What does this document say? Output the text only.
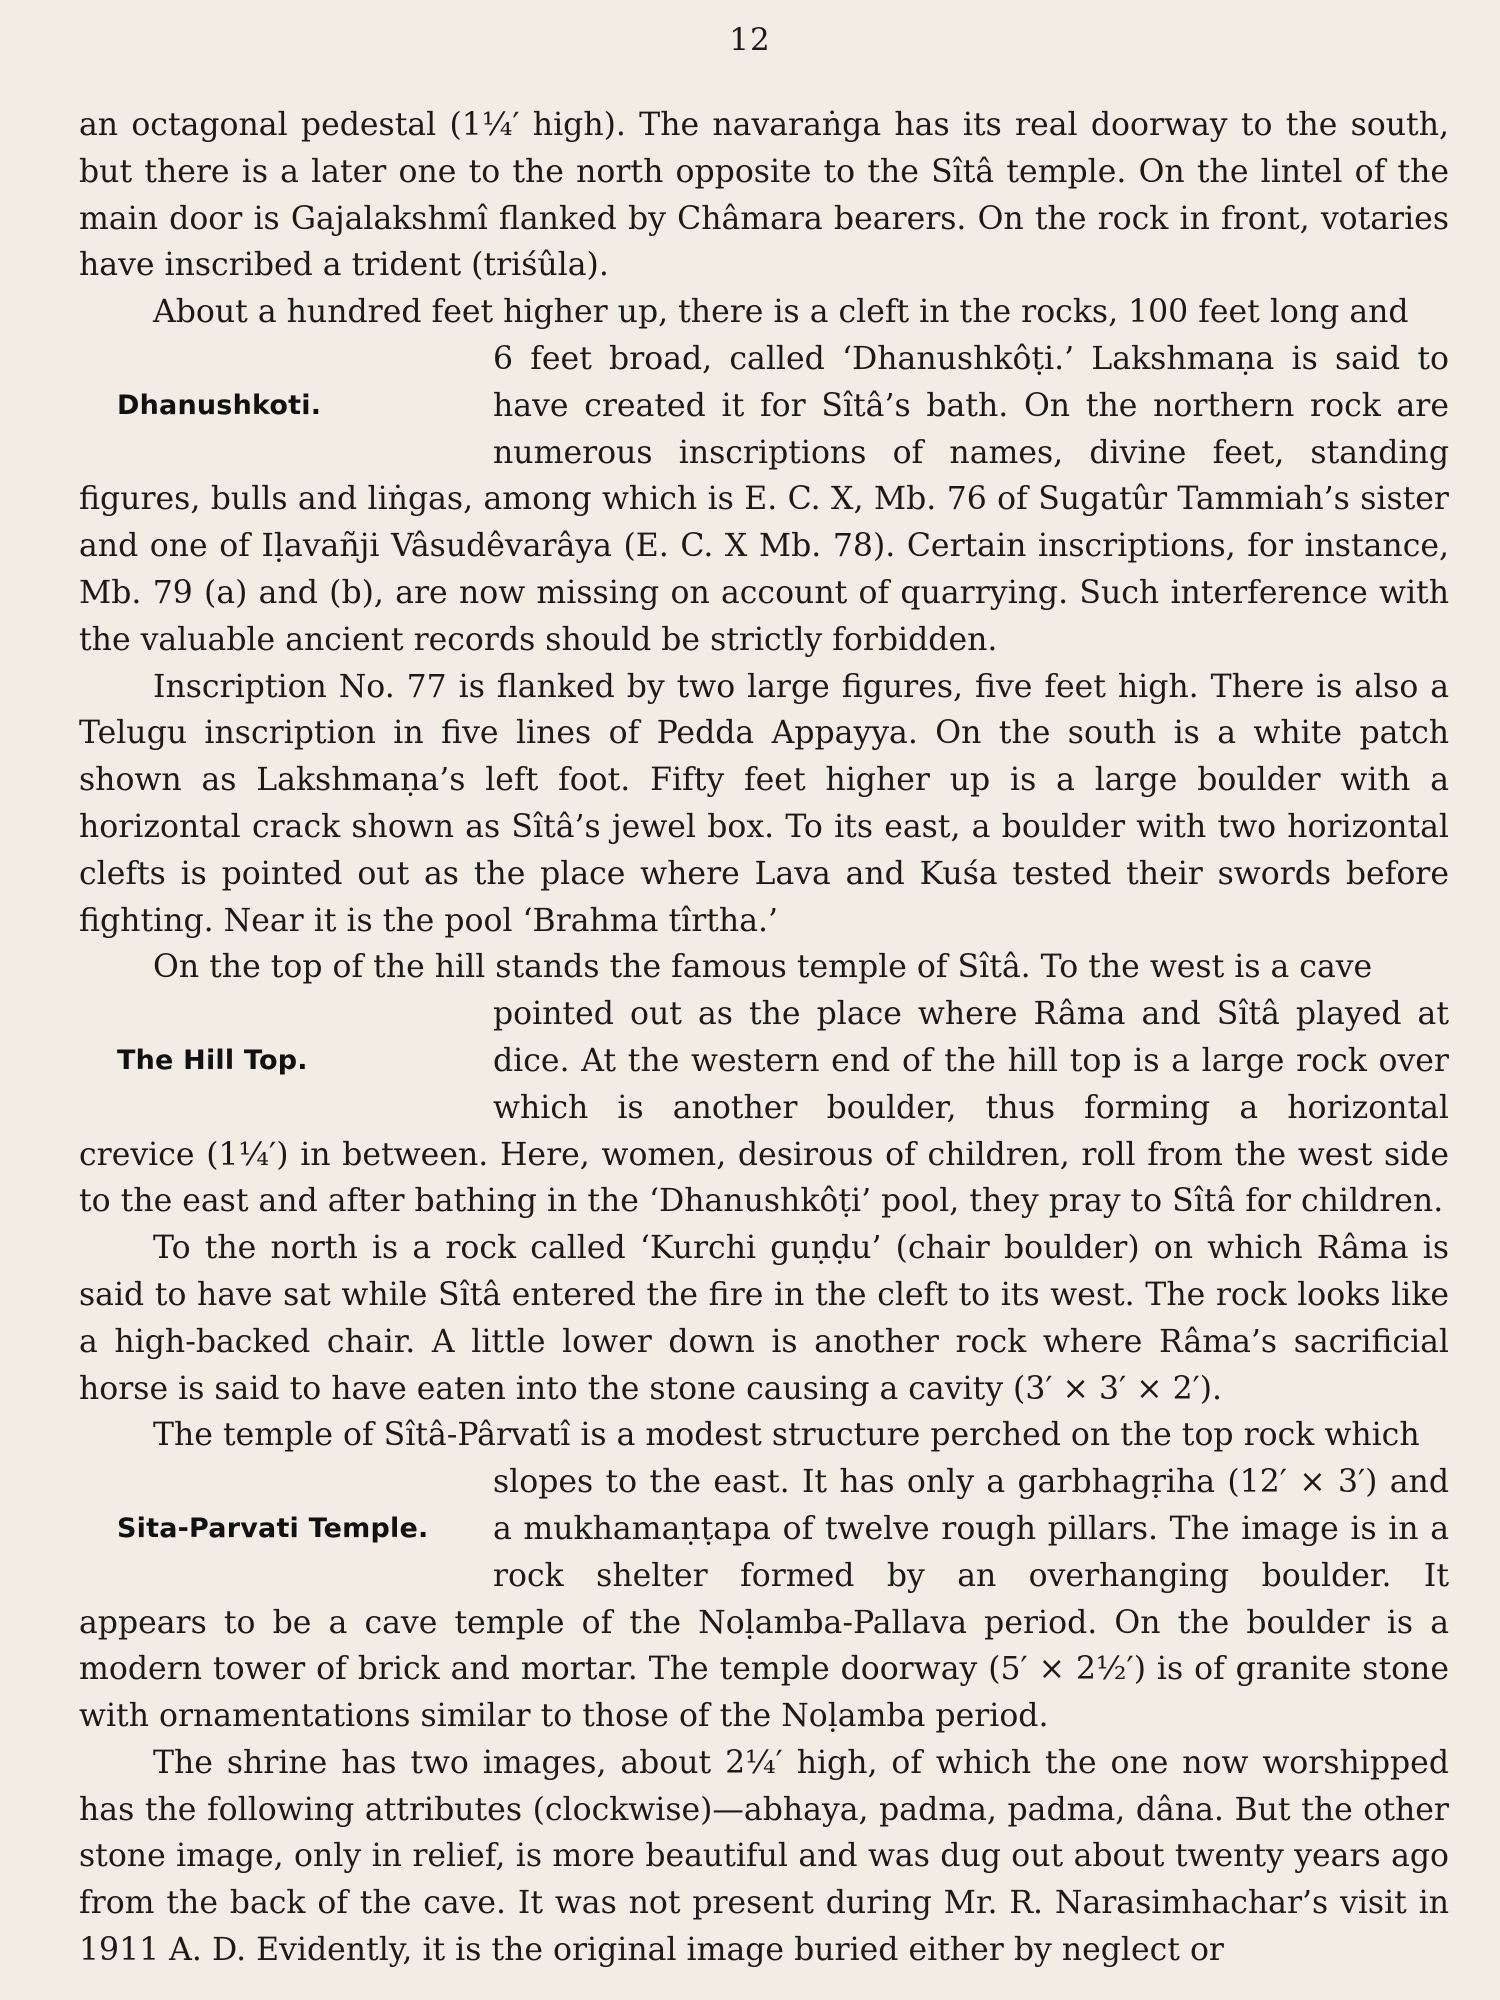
12

an octagonal pedestal (1¼′ high). The navaraṅga has its real doorway to the south, but there is a later one to the north opposite to the Sîtâ temple. On the lintel of the main door is Gajalakshmî flanked by Châmara bearers. On the rock in front, votaries have inscribed a trident (triśûla).

About a hundred feet higher up, there is a cleft in the rocks, 100 feet long and

Dhanushkoti.

6 feet broad, called ‘Dhanushkôṭi.’ Lakshmaṇa is said to have created it for Sîtâ’s bath. On the northern rock are numerous inscriptions of names, divine feet, standing

figures, bulls and liṅgas, among which is E. C. X, Mb. 76 of Sugatûr Tammiah’s sister and one of Iḷavañji Vâsudêvarâya (E. C. X Mb. 78). Certain inscriptions, for instance, Mb. 79 (a) and (b), are now missing on account of quarrying. Such interference with the valuable ancient records should be strictly forbidden.

Inscription No. 77 is flanked by two large figures, five feet high. There is also a Telugu inscription in five lines of Pedda Appayya. On the south is a white patch shown as Lakshmaṇa’s left foot. Fifty feet higher up is a large boulder with a horizontal crack shown as Sîtâ’s jewel box. To its east, a boulder with two horizontal clefts is pointed out as the place where Lava and Kuśa tested their swords before fighting. Near it is the pool ‘Brahma tîrtha.’

On the top of the hill stands the famous temple of Sîtâ. To the west is a cave

The Hill Top.

pointed out as the place where Râma and Sîtâ played at dice. At the western end of the hill top is a large rock over which is another boulder, thus forming a horizontal

crevice (1¼′) in between. Here, women, desirous of children, roll from the west side to the east and after bathing in the ‘Dhanushkôṭi’ pool, they pray to Sîtâ for children.

To the north is a rock called ‘Kurchi guṇḍu’ (chair boulder) on which Râma is said to have sat while Sîtâ entered the fire in the cleft to its west. The rock looks like a high-backed chair. A little lower down is another rock where Râma’s sacrificial horse is said to have eaten into the stone causing a cavity (3′ × 3′ × 2′).

The temple of Sîtâ-Pârvatî is a modest structure perched on the top rock which

Sita-Parvati Temple.

slopes to the east. It has only a garbhagṛiha (12′ × 3′) and a mukhamaṇṭapa of twelve rough pillars. The image is in a rock shelter formed by an overhanging boulder. It

appears to be a cave temple of the Noḷamba-Pallava period. On the boulder is a modern tower of brick and mortar. The temple doorway (5′ × 2½′) is of granite stone with ornamentations similar to those of the Noḷamba period.

The shrine has two images, about 2¼′ high, of which the one now worshipped has the following attributes (clockwise)—abhaya, padma, padma, dâna. But the other stone image, only in relief, is more beautiful and was dug out about twenty years ago from the back of the cave. It was not present during Mr. R. Narasimhachar’s visit in 1911 A. D. Evidently, it is the original image buried either by neglect or
